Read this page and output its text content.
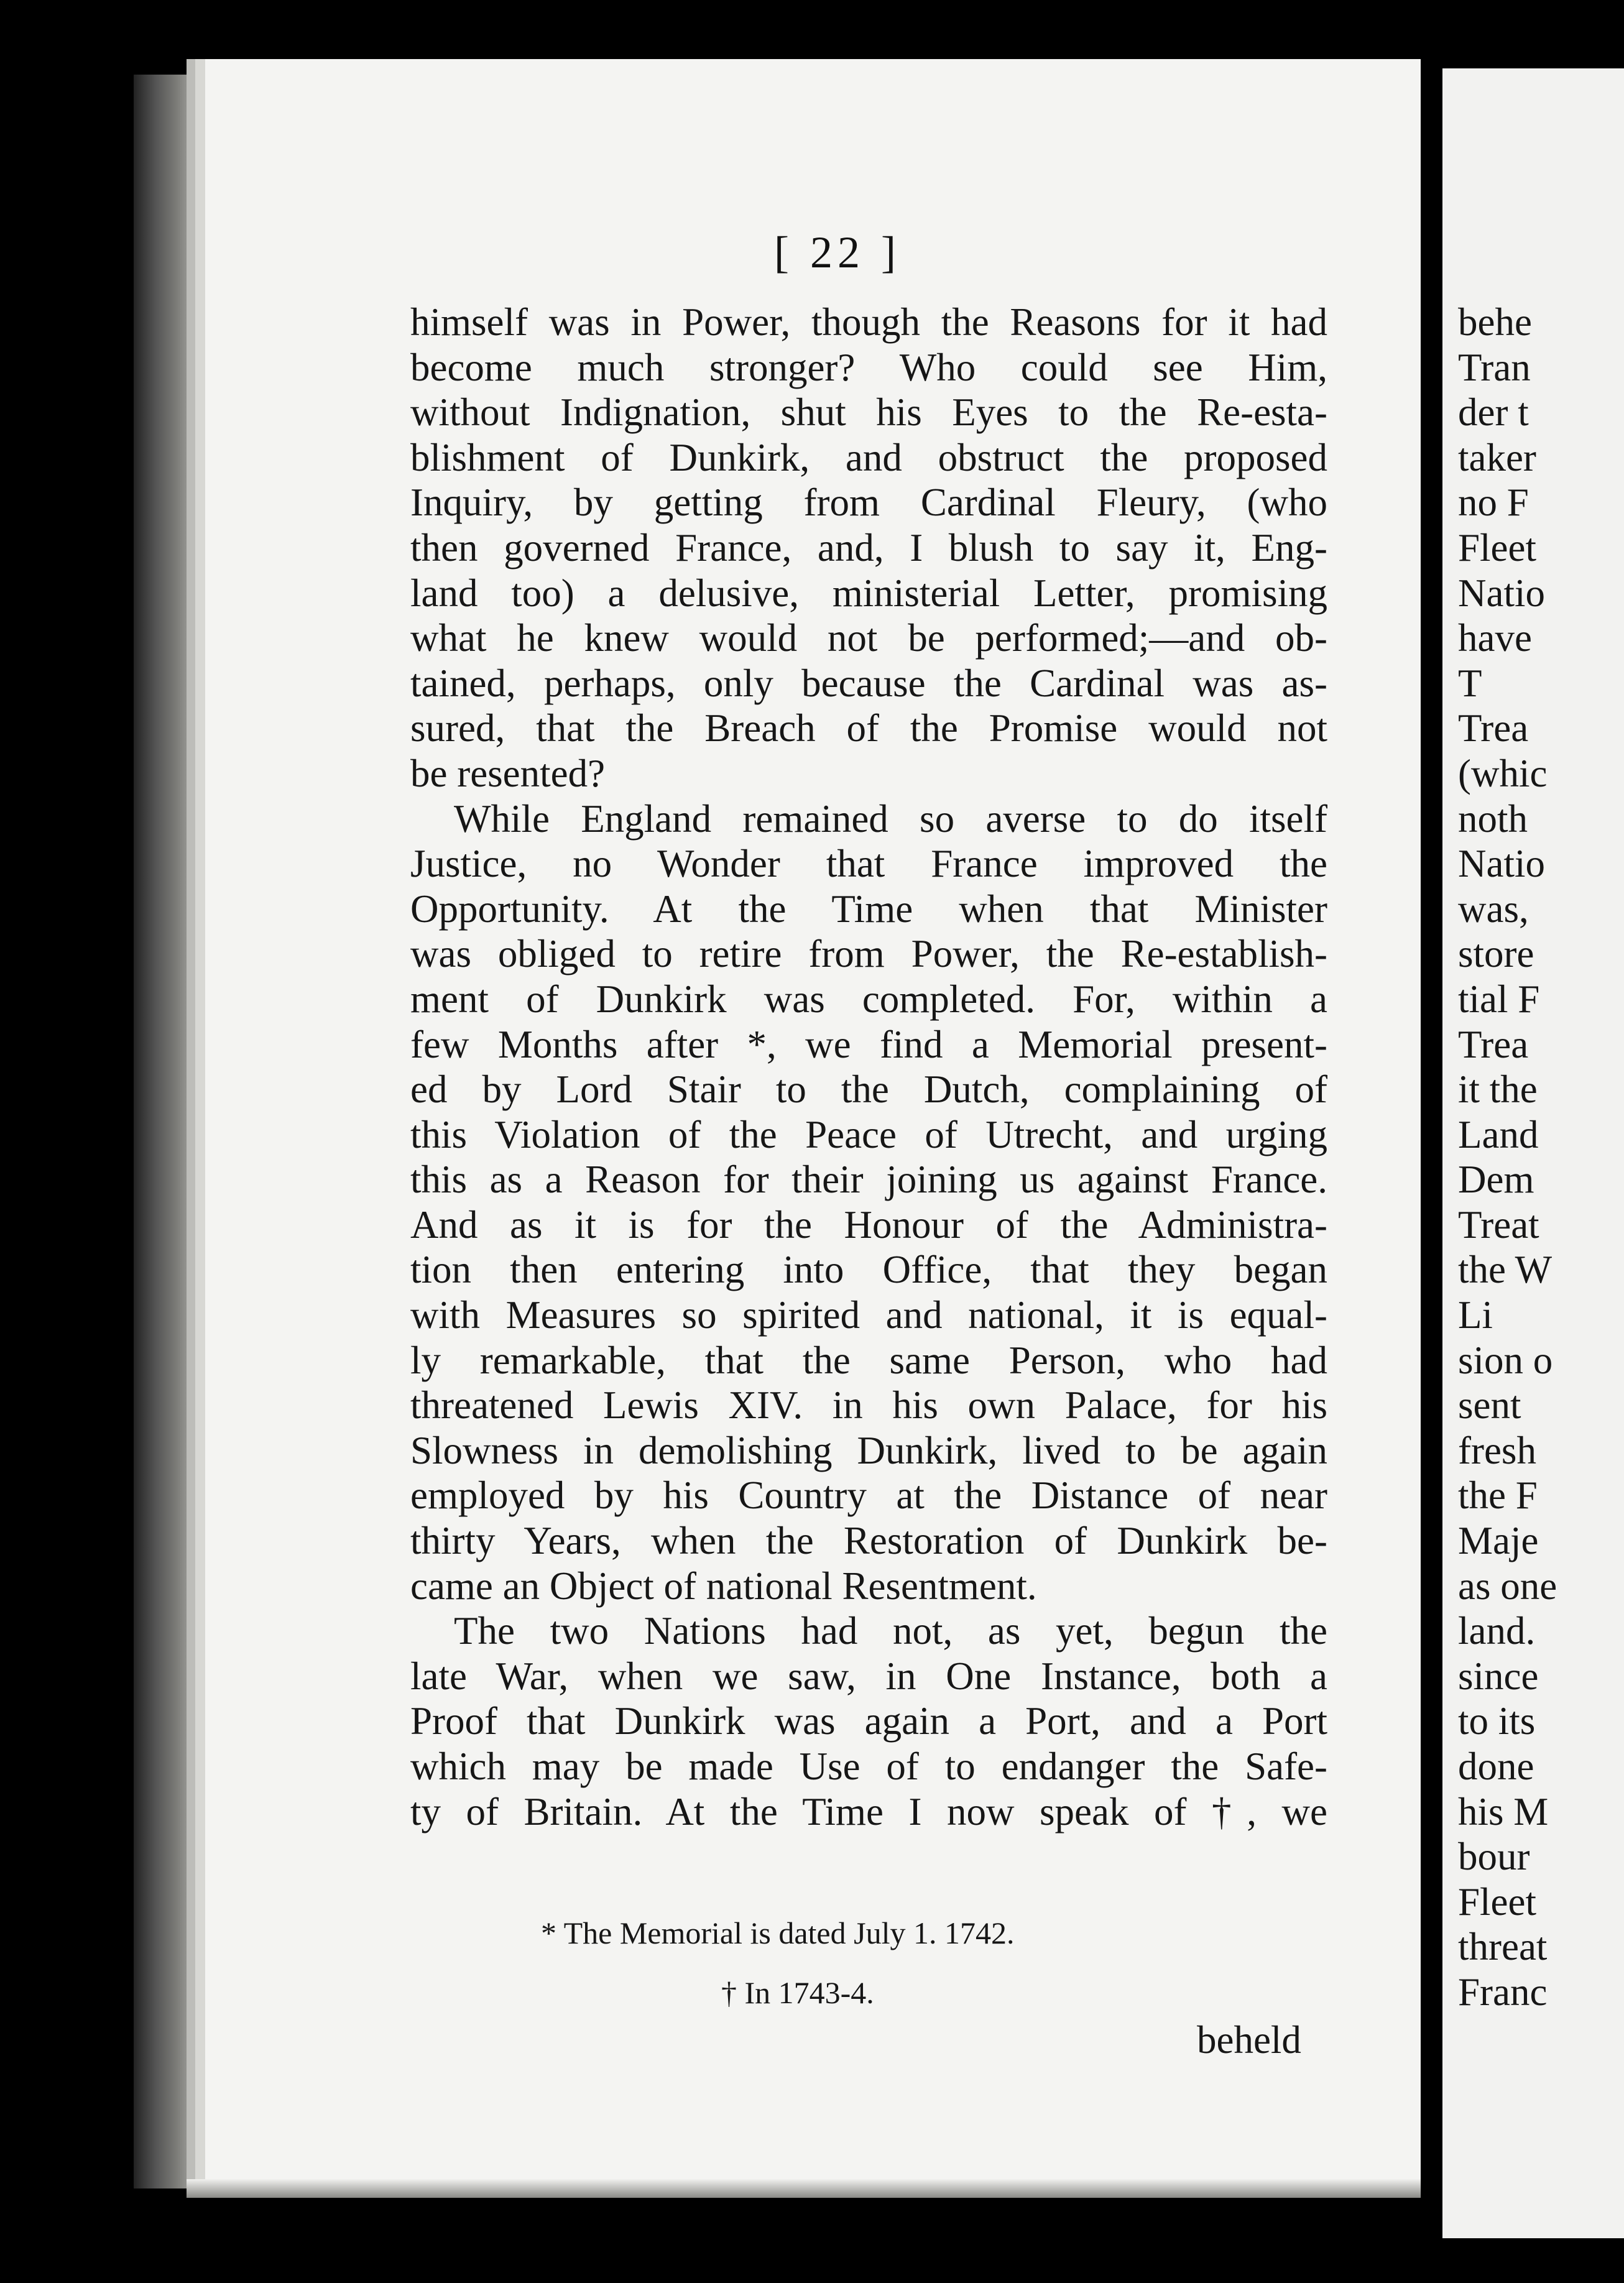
[ 22 ]
himself was in Power, though the Reasons for it had
become much stronger? Who could see Him,
without Indignation, shut his Eyes to the Re-esta-
blishment of Dunkirk, and obstruct the proposed
Inquiry, by getting from Cardinal Fleury, (who
then governed France, and, I blush to say it, Eng-
land too) a delusive, ministerial Letter, promising
what he knew would not be performed;—and ob-
tained, perhaps, only because the Cardinal was as-
sured, that the Breach of the Promise would not
be resented?
While England remained so averse to do itself
Justice, no Wonder that France improved the
Opportunity. At the Time when that Minister
was obliged to retire from Power, the Re-establish-
ment of Dunkirk was completed. For, within a
few Months after *, we find a Memorial present-
ed by Lord Stair to the Dutch, complaining of
this Violation of the Peace of Utrecht, and urging
this as a Reason for their joining us against France.
And as it is for the Honour of the Administra-
tion then entering into Office, that they began
with Measures so spirited and national, it is equal-
ly remarkable, that the same Person, who had
threatened Lewis XIV. in his own Palace, for his
Slowness in demolishing Dunkirk, lived to be again
employed by his Country at the Distance of near
thirty Years, when the Restoration of Dunkirk be-
came an Object of national Resentment.
The two Nations had not, as yet, begun the
late War, when we saw, in One Instance, both a
Proof that Dunkirk was again a Port, and a Port
which may be made Use of to endanger the Safe-
ty of Britain. At the Time I now speak of †, we
* The Memorial is dated July 1. 1742.
† In 1743-4.
beheld
behe
Tran
der t
taker
no F
Fleet
Natio
have
T
Trea
(whic
noth
Natio
was,
store
tial F
Trea
it the
Land
Dem
Treat
the W
Li
sion o
sent
fresh
the F
Maje
as one
land.
since
to its
done
his M
bour
Fleet
threat
Franc
